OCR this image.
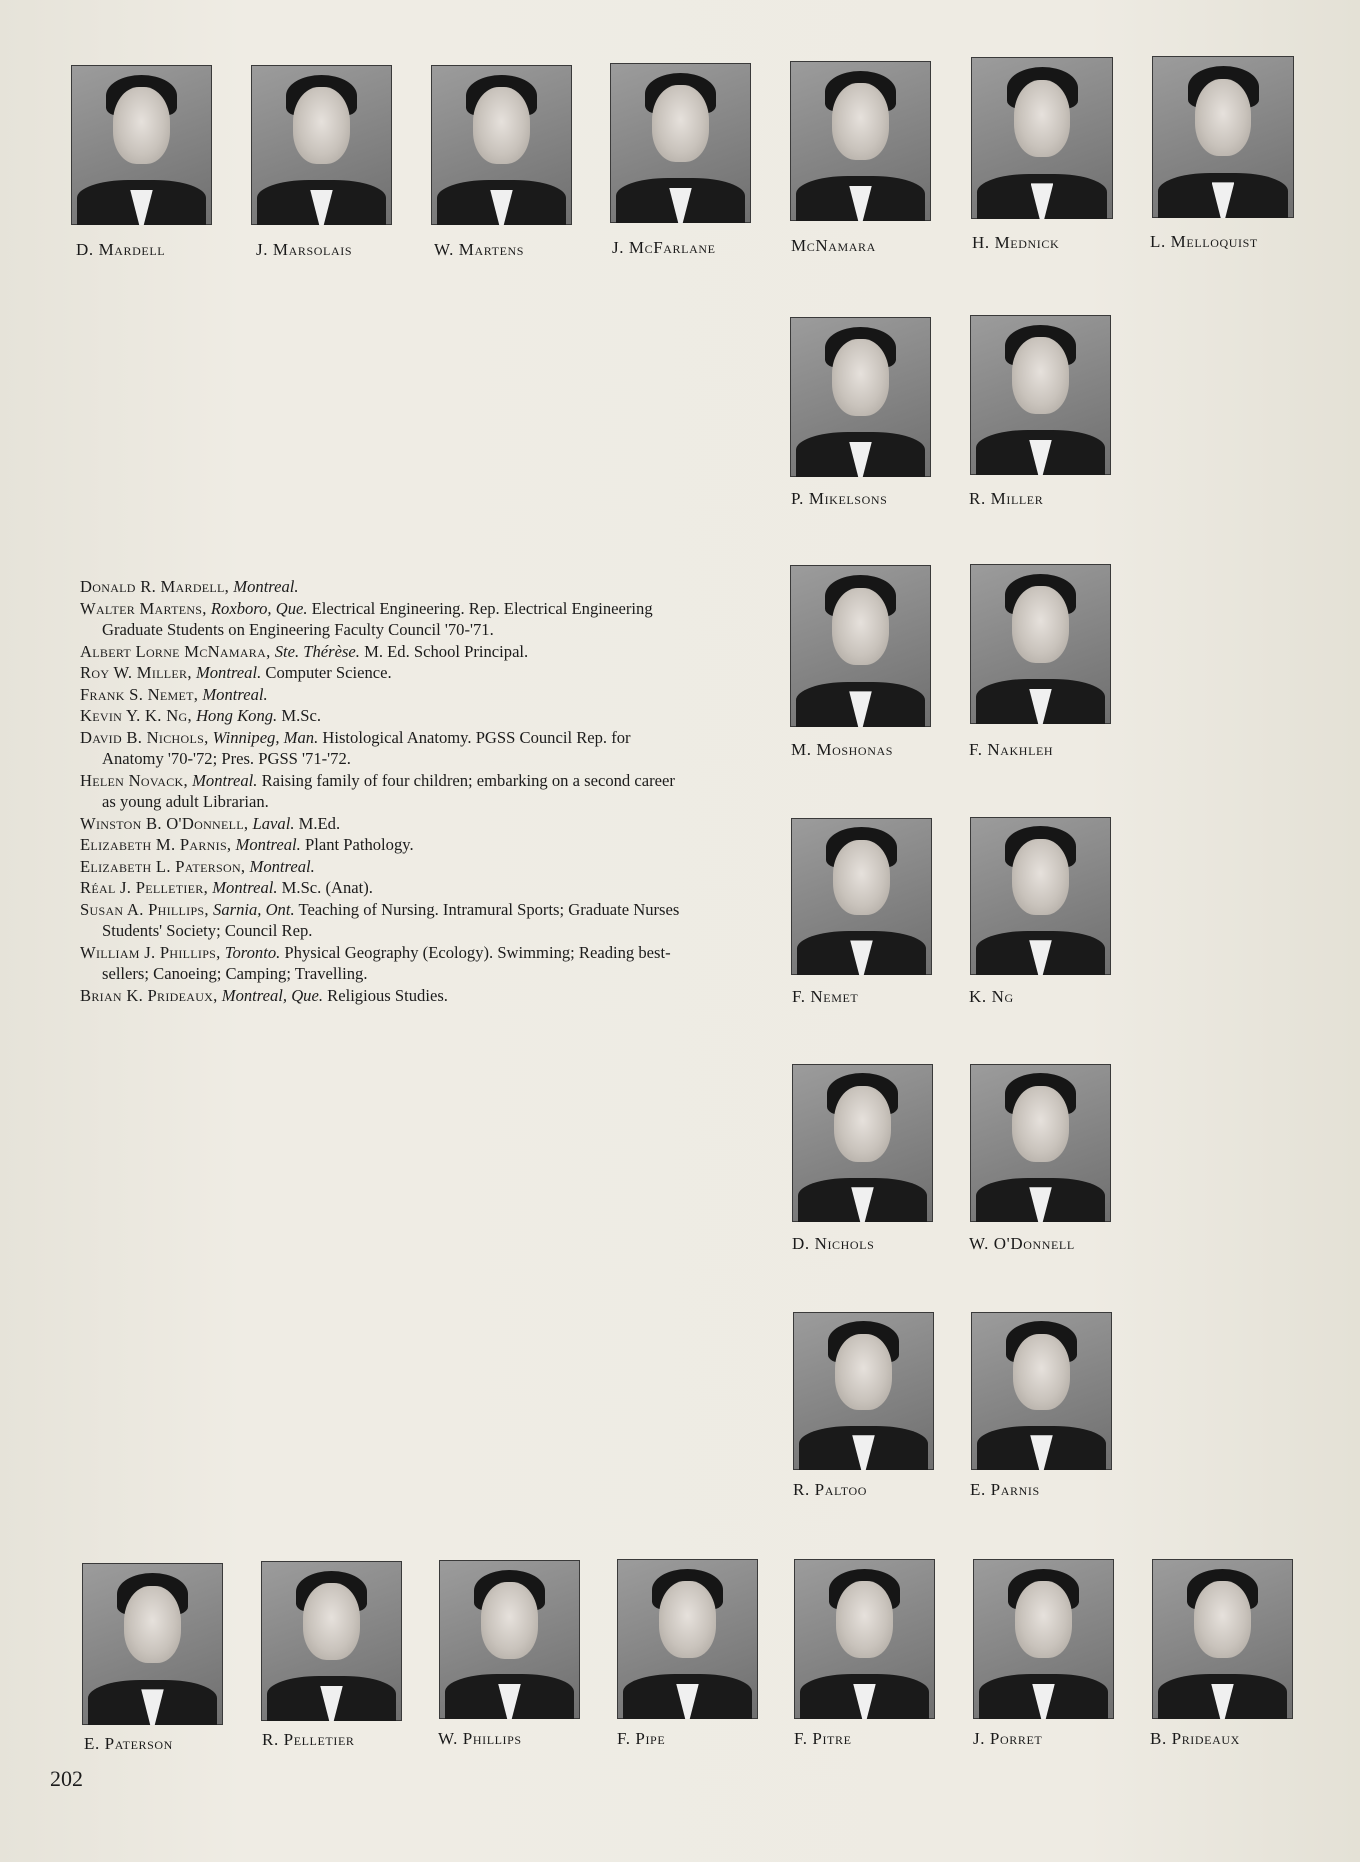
D. Mardell	J. Marsolais	W. Martens	J. McFarlane	McNamara	H. Mednick	L. Melloquist
P. Mikelsons	R. Miller
M. Moshonas	F. Nakhleh
F. Nemet	K. Ng
D. Nichols	W. O'Donnell
R. Paltoo	E. Parnis
E. Paterson	R. Pelletier	W. Phillips	F. Pipe	F. Pitre	J. Porret	B. Prideaux
Donald R. Mardell, Montreal.
Walter Martens, Roxboro, Que. Electrical Engineering. Rep. Electrical Engineering Graduate Students on Engineering Faculty Council '70-'71.
Albert Lorne McNamara, Ste. Thérèse. M. Ed. School Principal.
Roy W. Miller, Montreal. Computer Science.
Frank S. Nemet, Montreal.
Kevin Y. K. Ng, Hong Kong. M.Sc.
David B. Nichols, Winnipeg, Man. Histological Anatomy. PGSS Council Rep. for Anatomy '70-'72; Pres. PGSS '71-'72.
Helen Novack, Montreal. Raising family of four children; embarking on a second career as young adult Librarian.
Winston B. O'Donnell, Laval. M.Ed.
Elizabeth M. Parnis, Montreal. Plant Pathology.
Elizabeth L. Paterson, Montreal.
Réal J. Pelletier, Montreal. M.Sc. (Anat).
Susan A. Phillips, Sarnia, Ont. Teaching of Nursing. Intramural Sports; Graduate Nurses Students' Society; Council Rep.
William J. Phillips, Toronto. Physical Geography (Ecology). Swimming; Reading best-sellers; Canoeing; Camping; Travelling.
Brian K. Prideaux, Montreal, Que. Religious Studies.
202
